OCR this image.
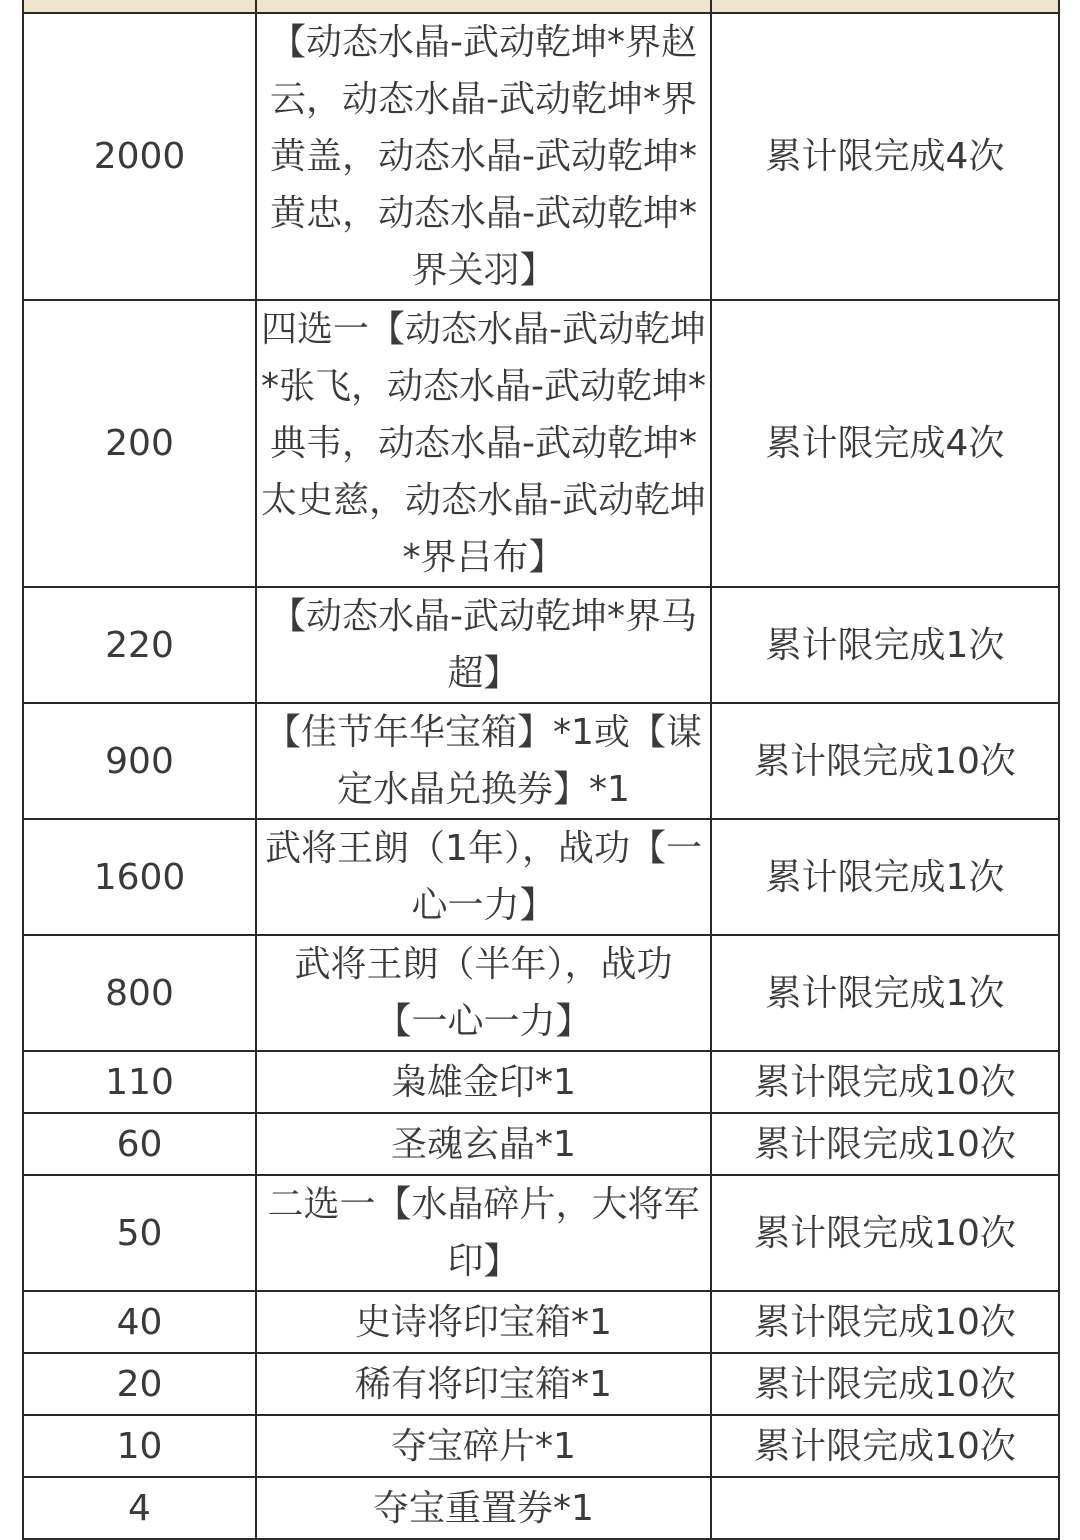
2000	【动态水晶-武动乾坤*界赵云，动态水晶-武动乾坤*界黄盖，动态水晶-武动乾坤*黄忠，动态水晶-武动乾坤*界关羽】	累计限完成4次
200	四选一【动态水晶-武动乾坤*张飞，动态水晶-武动乾坤*典韦，动态水晶-武动乾坤*太史慈，动态水晶-武动乾坤*界吕布】	累计限完成4次
220	【动态水晶-武动乾坤*界马超】	累计限完成1次
900	【佳节年华宝箱】*1或【谋定水晶兑换券】*1	累计限完成10次
1600	武将王朗（1年），战功【一心一力】	累计限完成1次
800	武将王朗（半年），战功【一心一力】	累计限完成1次
110	枭雄金印*1	累计限完成10次
60	圣魂玄晶*1	累计限完成10次
50	二选一【水晶碎片，大将军印】	累计限完成10次
40	史诗将印宝箱*1	累计限完成10次
20	稀有将印宝箱*1	累计限完成10次
10	夺宝碎片*1	累计限完成10次
4	夺宝重置券*1	
